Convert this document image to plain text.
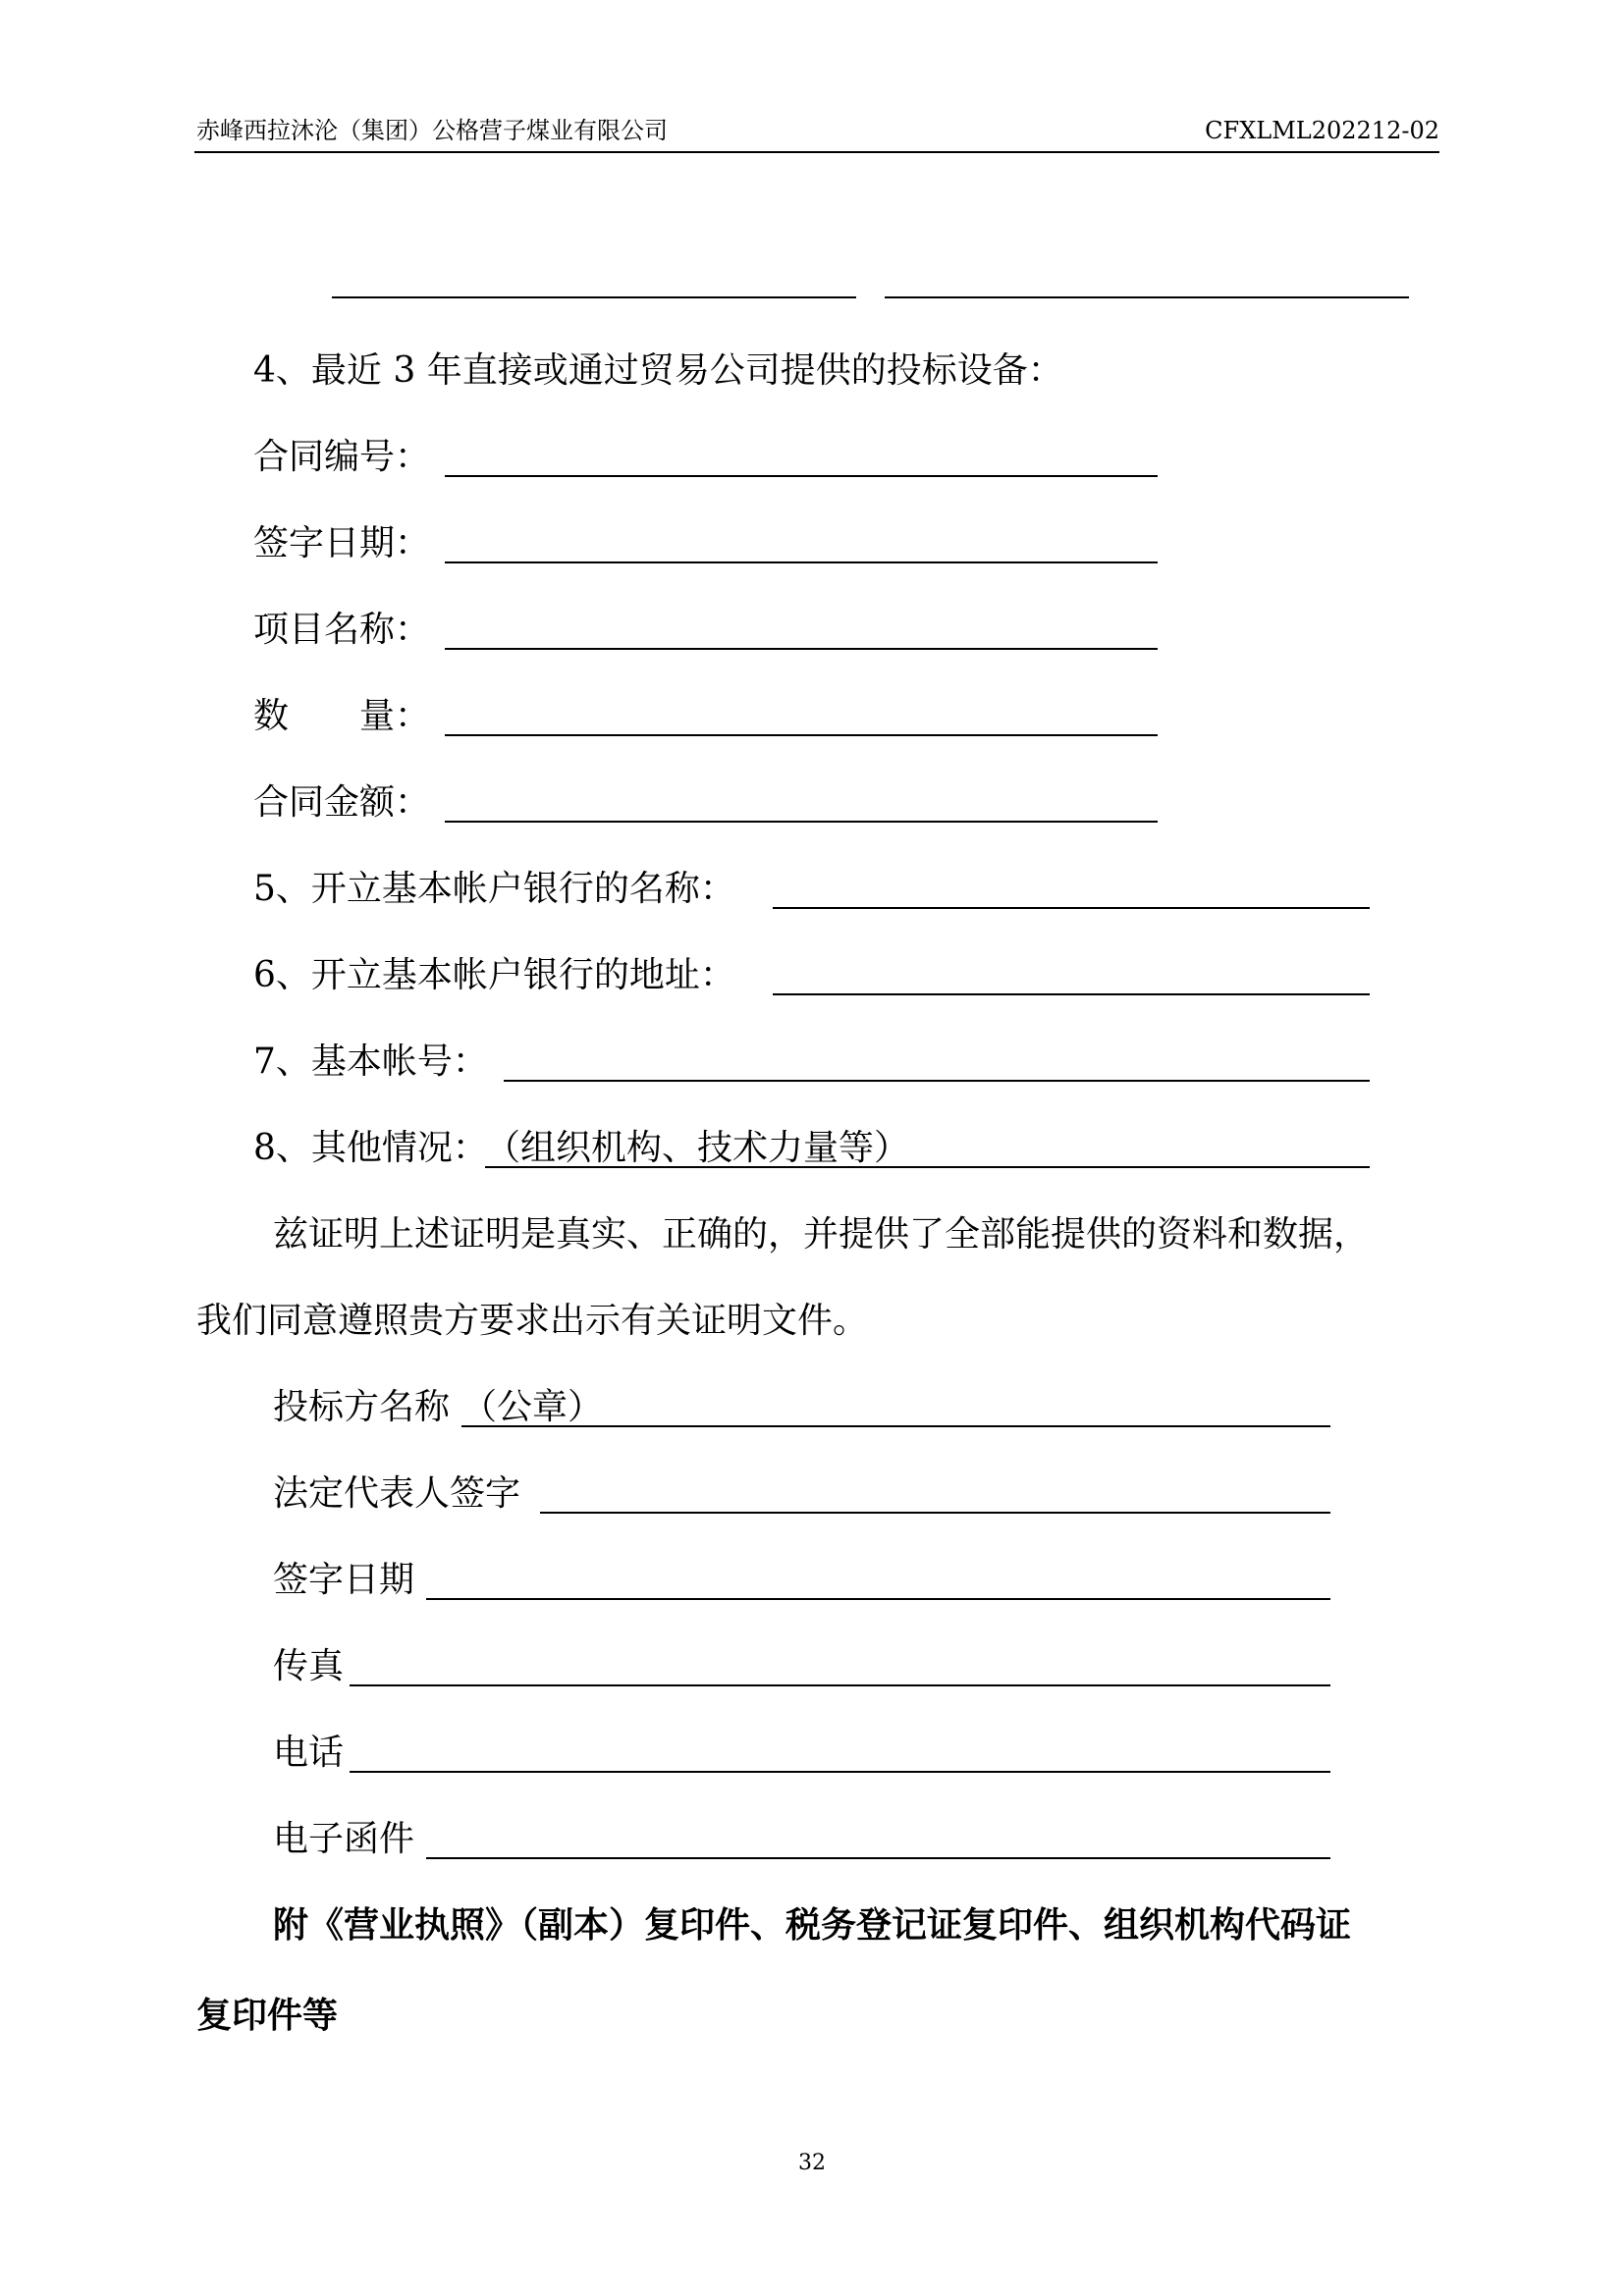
赤峰西拉沐沦（集团）公格营子煤业有限公司	CFXLML202212-02
4、最近 3 年直接或通过贸易公司提供的投标设备：
合同编号：
签字日期：
项目名称：
数　　量：
合同金额：
5、开立基本帐户银行的名称：
6、开立基本帐户银行的地址：
7、基本帐号：
8、其他情况：
（组织机构、技术力量等）
兹证明上述证明是真实、正确的，并提供了全部能提供的资料和数据，
我们同意遵照贵方要求出示有关证明文件。
投标方名称 （公章）
法定代表人签字
签字日期
传真
电话
电子函件
附《营业执照》（副本）复印件、税务登记证复印件、组织机构代码证
复印件等
32
